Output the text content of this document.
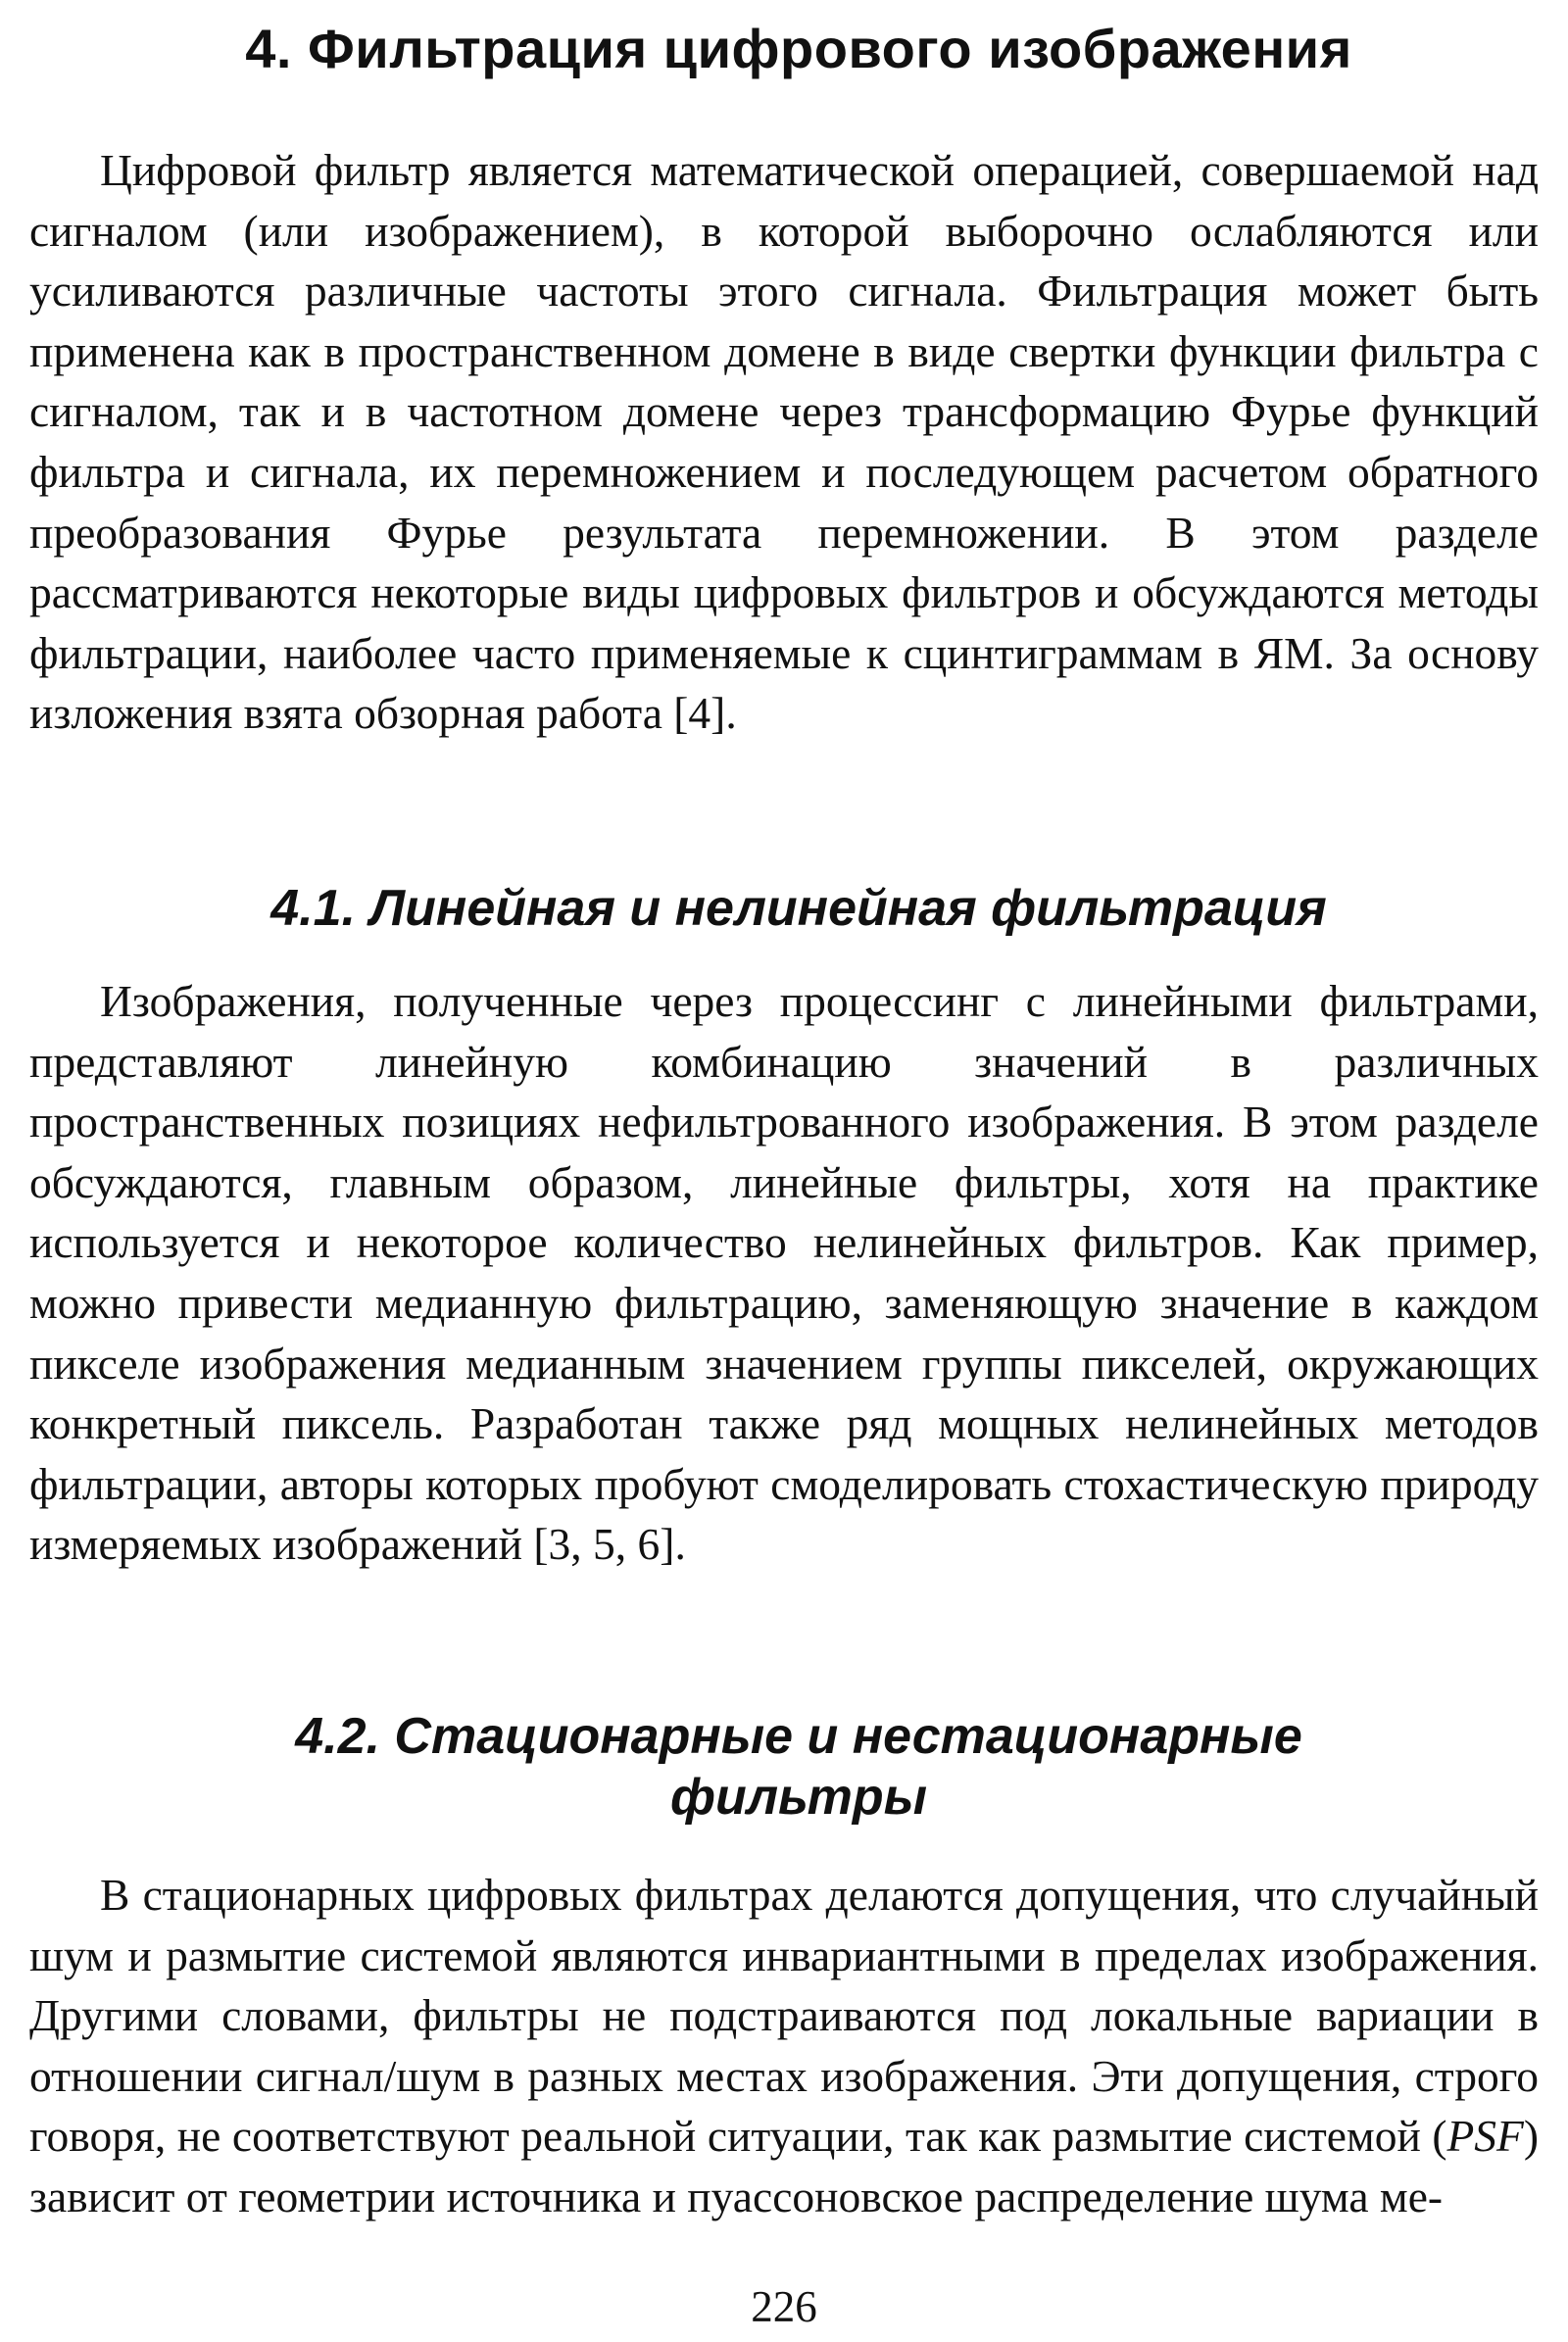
4. Фильтрация цифрового изображения

Цифровой фильтр является математической операцией, совершаемой над сигналом (или изображением), в которой выборочно ослабляются или усиливаются различные частоты этого сигнала. Фильтрация может быть применена как в пространственном домене в виде свертки функции фильтра с сигналом, так и в частотном домене через трансформацию Фурье функций фильтра и сигнала, их перемножением и последующем расчетом обратного преобразования Фурье результата перемножении. В этом разделе рассматриваются некоторые виды цифровых фильтров и обсуждаются методы фильтрации, наиболее часто применяемые к сцинтиграммам в ЯМ. За основу изложения взята обзорная работа [4].

4.1. Линейная и нелинейная фильтрация

Изображения, полученные через процессинг с линейными фильтрами, представляют линейную комбинацию значений в различных пространственных позициях нефильтрованного изображения. В этом разделе обсуждаются, главным образом, линейные фильтры, хотя на практике используется и некоторое количество нелинейных фильтров. Как пример, можно привести медианную фильтрацию, заменяющую значение в каждом пикселе изображения медианным значением группы пикселей, окружающих конкретный пиксель. Разработан также ряд мощных нелинейных методов фильтрации, авторы которых пробуют смоделировать стохастическую природу измеряемых изображений [3, 5, 6].

4.2. Стационарные и нестационарные
фильтры

В стационарных цифровых фильтрах делаются допущения, что случайный шум и размытие системой являются инвариантными в пределах изображения. Другими словами, фильтры не подстраиваются под локальные вариации в отношении сигнал/шум в разных местах изображения. Эти допущения, строго говоря, не соответствуют реальной ситуации, так как размытие системой (PSF) зависит от геометрии источника и пуассоновское распределение шума ме-

226
